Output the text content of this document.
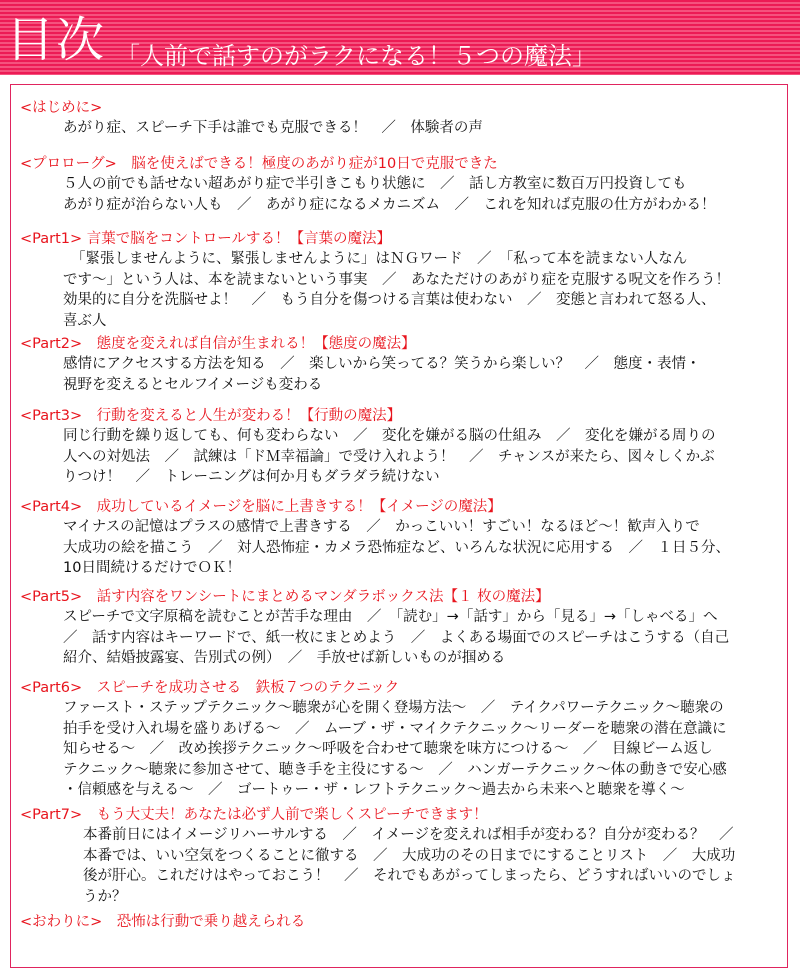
目次 「人前で話すのがラクになる！５つの魔法」
<はじめに>
あがり症、スピーチ下手は誰でも克服できる！　／　体験者の声
<プロローグ>　脳を使えばできる！極度のあがり症が10日で克服できた
５人の前でも話せない超あがり症で半引きこもり状態に　／　話し方教室に数百万円投資しても
あがり症が治らない人も　／　あがり症になるメカニズム　／　これを知れば克服の仕方がわかる！
<Part1> 言葉で脳をコントロールする！【言葉の魔法】
「緊張しませんように、緊張しませんように」はＮＧワード　／　「私って本を読まない人なん
です〜」という人は、本を読まないという事実　／　あなただけのあがり症を克服する呪文を作ろう！
効果的に自分を洗脳せよ！　／　もう自分を傷つける言葉は使わない　／　変態と言われて怒る人、
喜ぶ人
<Part2>　態度を変えれば自信が生まれる！【態度の魔法】
感情にアクセスする方法を知る　／　楽しいから笑ってる？笑うから楽しい？　／　態度・表情・
視野を変えるとセルフイメージも変わる
<Part3>　行動を変えると人生が変わる！【行動の魔法】
同じ行動を繰り返しても、何も変わらない　／　変化を嫌がる脳の仕組み　／　変化を嫌がる周りの
人への対処法　／　試練は「ドＭ幸福論」で受け入れよう！　／　チャンスが来たら、図々しくかぶ
りつけ！　／　トレーニングは何か月もダラダラ続けない
<Part4>　成功しているイメージを脳に上書きする！【イメージの魔法】
マイナスの記憶はプラスの感情で上書きする　／　かっこいい！すごい！なるほど〜！歓声入りで
大成功の絵を描こう　／　対人恐怖症・カメラ恐怖症など、いろんな状況に応用する　／　１日５分、
10日間続けるだけでＯＫ！
<Part5>　話す内容をワンシートにまとめるマンダラボックス法【１ 枚の魔法】
スピーチで文字原稿を読むことが苦手な理由　／　「読む」→「話す」から「見る」→「しゃべる」へ
／　話す内容はキーワードで、紙一枚にまとめよう　／　よくある場面でのスピーチはこうする（自己
紹介、結婚披露宴、告別式の例）　／　手放せば新しいものが掴める
<Part6>　スピーチを成功させる　鉄板７つのテクニック
ファースト・ステップテクニック〜聴衆が心を開く登場方法〜　／　テイクパワーテクニック〜聴衆の
拍手を受け入れ場を盛りあげる〜　／　ムーブ・ザ・マイクテクニック〜リーダーを聴衆の潜在意識に
知らせる〜　／　改め挨拶テクニック〜呼吸を合わせて聴衆を味方につける〜　／　目線ビーム返し
テクニック〜聴衆に参加させて、聴き手を主役にする〜　／　ハンガーテクニック〜体の動きで安心感
・信頼感を与える〜　／　ゴートゥー・ザ・レフトテクニック〜過去から未来へと聴衆を導く〜
<Part7>　もう大丈夫！あなたは必ず人前で楽しくスピーチできます！
本番前日にはイメージリハーサルする　／　イメージを変えれば相手が変わる？自分が変わる？　／
本番では、いい空気をつくることに徹する　／　大成功のその日までにすることリスト　／　大成功
後が肝心。これだけはやっておこう！　／　それでもあがってしまったら、どうすればいいのでしょ
うか？
<おわりに>　恐怖は行動で乗り越えられる
